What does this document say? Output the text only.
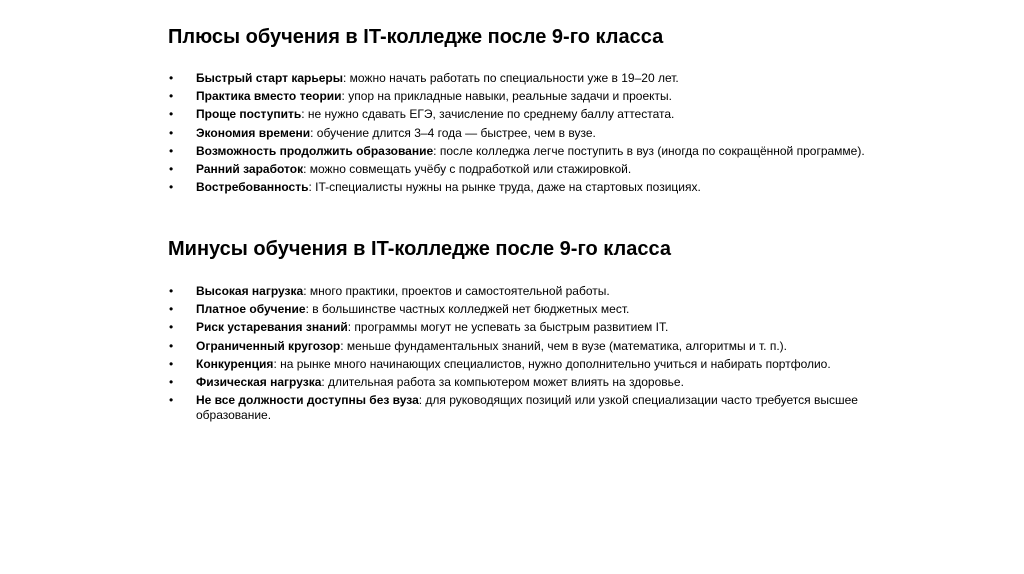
Плюсы обучения в IT-колледже после 9-го класса
• Быстрый старт карьеры: можно начать работать по специальности уже в 19–20 лет.
• Практика вместо теории: упор на прикладные навыки, реальные задачи и проекты.
• Проще поступить: не нужно сдавать ЕГЭ, зачисление по среднему баллу аттестата.
• Экономия времени: обучение длится 3–4 года — быстрее, чем в вузе.
• Возможность продолжить образование: после колледжа легче поступить в вуз (иногда по сокращённой программе).
• Ранний заработок: можно совмещать учёбу с подработкой или стажировкой.
• Востребованность: IT-специалисты нужны на рынке труда, даже на стартовых позициях.
Минусы обучения в IT-колледже после 9-го класса
• Высокая нагрузка: много практики, проектов и самостоятельной работы.
• Платное обучение: в большинстве частных колледжей нет бюджетных мест.
• Риск устаревания знаний: программы могут не успевать за быстрым развитием IT.
• Ограниченный кругозор: меньше фундаментальных знаний, чем в вузе (математика, алгоритмы и т. п.).
• Конкуренция: на рынке много начинающих специалистов, нужно дополнительно учиться и набирать портфолио.
• Физическая нагрузка: длительная работа за компьютером может влиять на здоровье.
• Не все должности доступны без вуза: для руководящих позиций или узкой специализации часто требуется высшее образование.
